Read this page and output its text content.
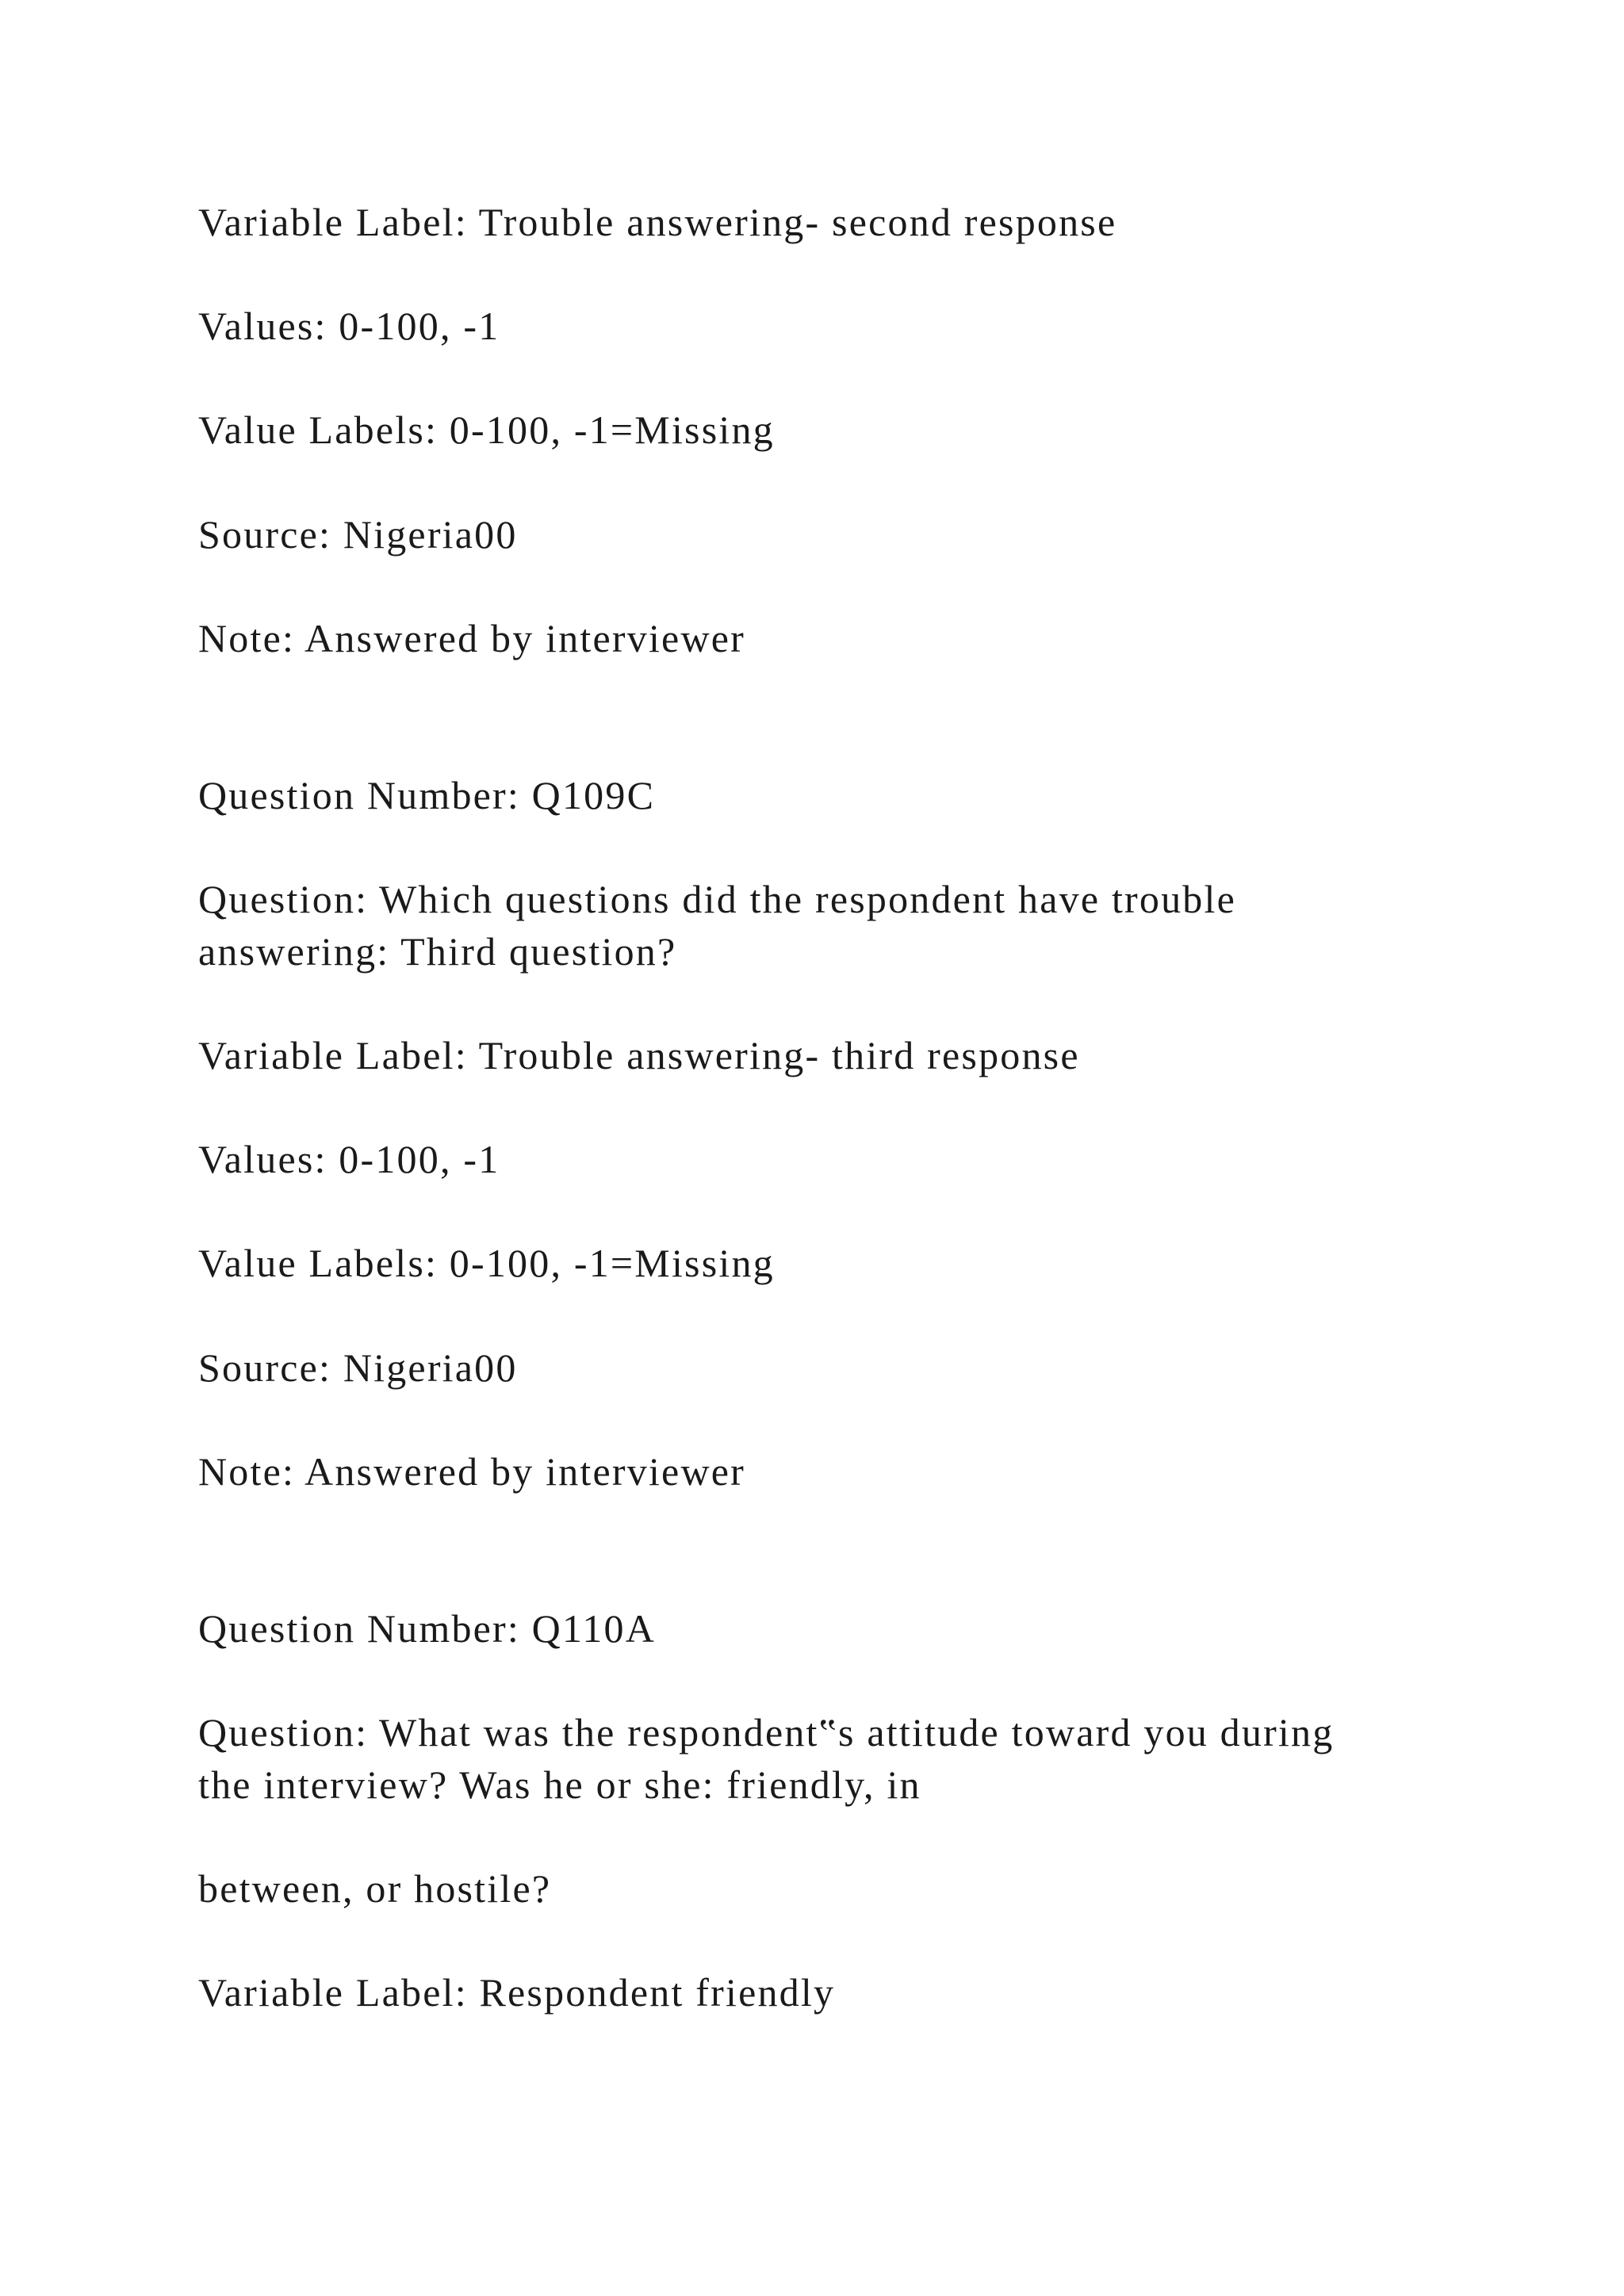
Variable Label: Trouble answering- second response

Values: 0-100, -1

Value Labels: 0-100, -1=Missing

Source: Nigeria00

Note: Answered by interviewer

Question Number: Q109C

Question: Which questions did the respondent have trouble

answering: Third question?

Variable Label: Trouble answering- third response

Values: 0-100, -1

Value Labels: 0-100, -1=Missing

Source: Nigeria00

Note: Answered by interviewer

Question Number: Q110A

Question: What was the respondent‟s attitude toward you during

the interview? Was he or she: friendly, in

between, or hostile?

Variable Label: Respondent friendly
